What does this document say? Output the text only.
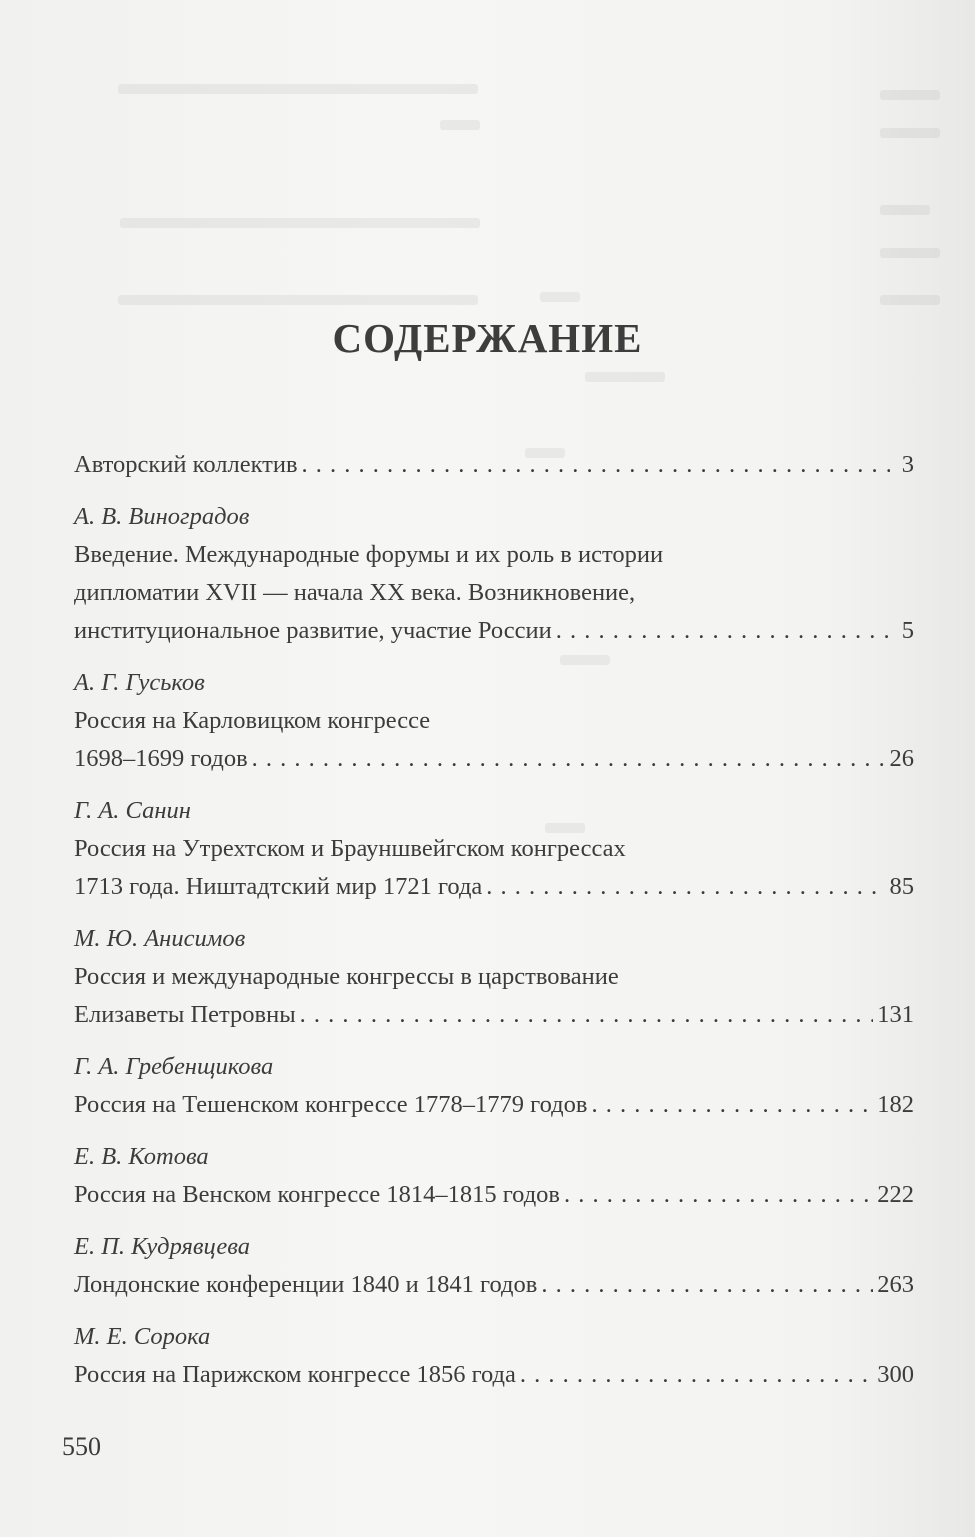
СОДЕРЖАНИЕ
Авторский коллектив . . .	3
А. В. Виноградов
Введение. Международные форумы и их роль в истории
дипломатии XVII — начала XX века. Возникновение,
институциональное развитие, участие России . . .	5
А. Г. Гуськов
Россия на Карловицком конгрессе
1698–1699 годов . . .	26
Г. А. Санин
Россия на Утрехтском и Брауншвейгском конгрессах
1713 года. Ништадтский мир 1721 года . . .	85
М. Ю. Анисимов
Россия и международные конгрессы в царствование
Елизаветы Петровны . . .	131
Г. А. Гребенщикова
Россия на Тешенском конгрессе 1778–1779 годов . . .	182
Е. В. Котова
Россия на Венском конгрессе 1814–1815 годов . . .	222
Е. П. Кудрявцева
Лондонские конференции 1840 и 1841 годов . . .	263
М. Е. Сорока
Россия на Парижском конгрессе 1856 года . . .	300
550
